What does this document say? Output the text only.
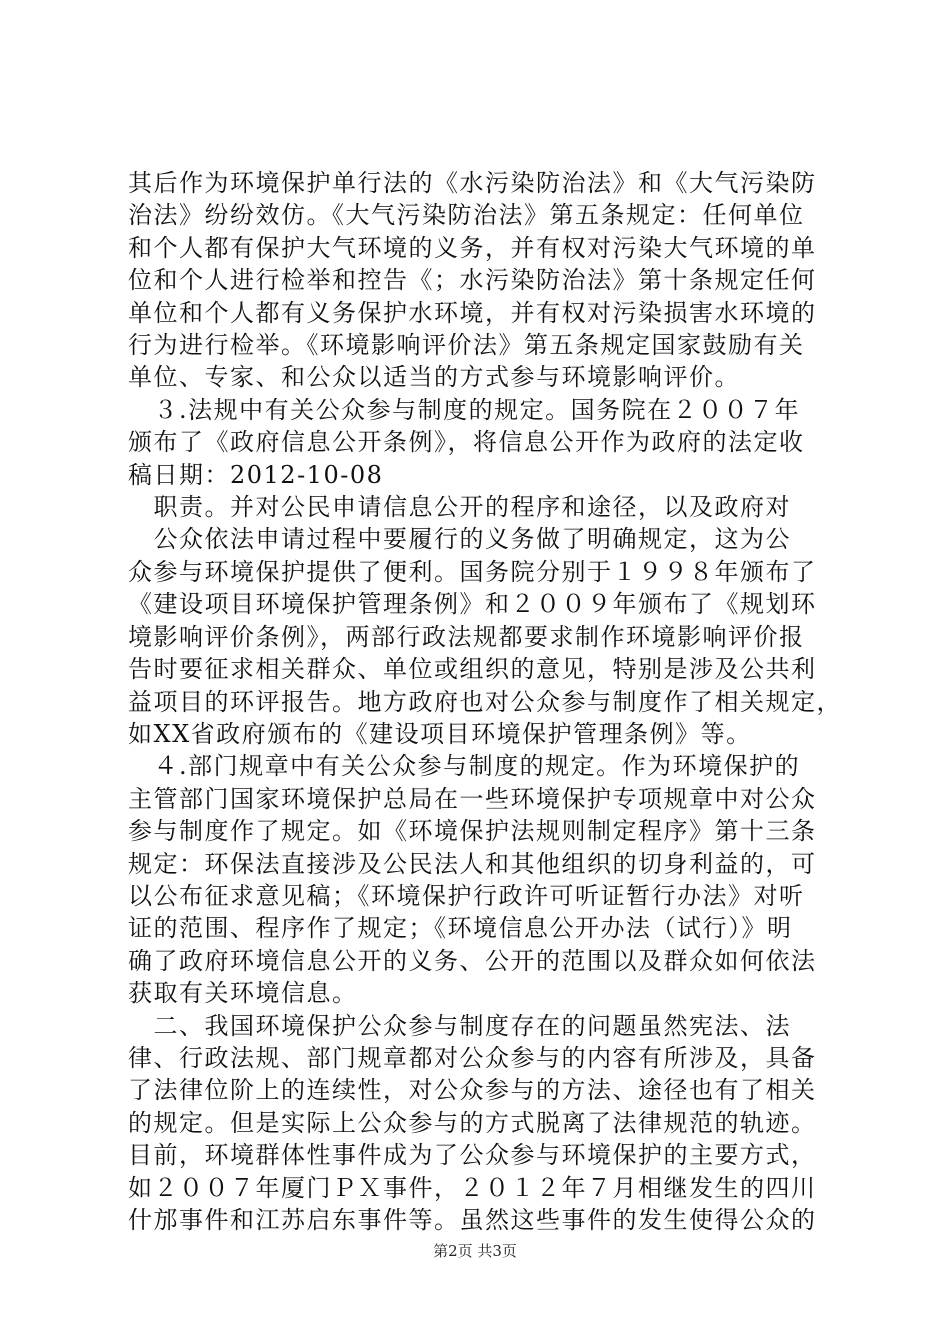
其后作为环境保护单行法的《水污染防治法》和《大气污染防
治法》纷纷效仿。《大气污染防治法》第五条规定：任何单位
和个人都有保护大气环境的义务，并有权对污染大气环境的单
位和个人进行检举和控告《；水污染防治法》第十条规定任何
单位和个人都有义务保护水环境，并有权对污染损害水环境的
行为进行检举。《环境影响评价法》第五条规定国家鼓励有关
单位、专家、和公众以适当的方式参与环境影响评价。
　３.法规中有关公众参与制度的规定。国务院在２００７年
颁布了《政府信息公开条例》，将信息公开作为政府的法定收
稿日期：2012-10-08
　职责。并对公民申请信息公开的程序和途径，以及政府对
　公众依法申请过程中要履行的义务做了明确规定，这为公
众参与环境保护提供了便利。国务院分别于１９９８年颁布了
《建设项目环境保护管理条例》和２００９年颁布了《规划环
境影响评价条例》，两部行政法规都要求制作环境影响评价报
告时要征求相关群众、单位或组织的意见，特别是涉及公共利
益项目的环评报告。地方政府也对公众参与制度作了相关规定，
如XX省政府颁布的《建设项目环境保护管理条例》等。
　４.部门规章中有关公众参与制度的规定。作为环境保护的
主管部门国家环境保护总局在一些环境保护专项规章中对公众
参与制度作了规定。如《环境保护法规则制定程序》第十三条
规定：环保法直接涉及公民法人和其他组织的切身利益的，可
以公布征求意见稿；《环境保护行政许可听证暂行办法》对听
证的范围、程序作了规定；《环境信息公开办法（试行）》明
确了政府环境信息公开的义务、公开的范围以及群众如何依法
获取有关环境信息。
　二、我国环境保护公众参与制度存在的问题虽然宪法、法
律、行政法规、部门规章都对公众参与的内容有所涉及，具备
了法律位阶上的连续性，对公众参与的方法、途径也有了相关
的规定。但是实际上公众参与的方式脱离了法律规范的轨迹。
目前，环境群体性事件成为了公众参与环境保护的主要方式，
如２００７年厦门ＰＸ事件，２０１２年７月相继发生的四川
什邡事件和江苏启东事件等。虽然这些事件的发生使得公众的
第2页 共3页
